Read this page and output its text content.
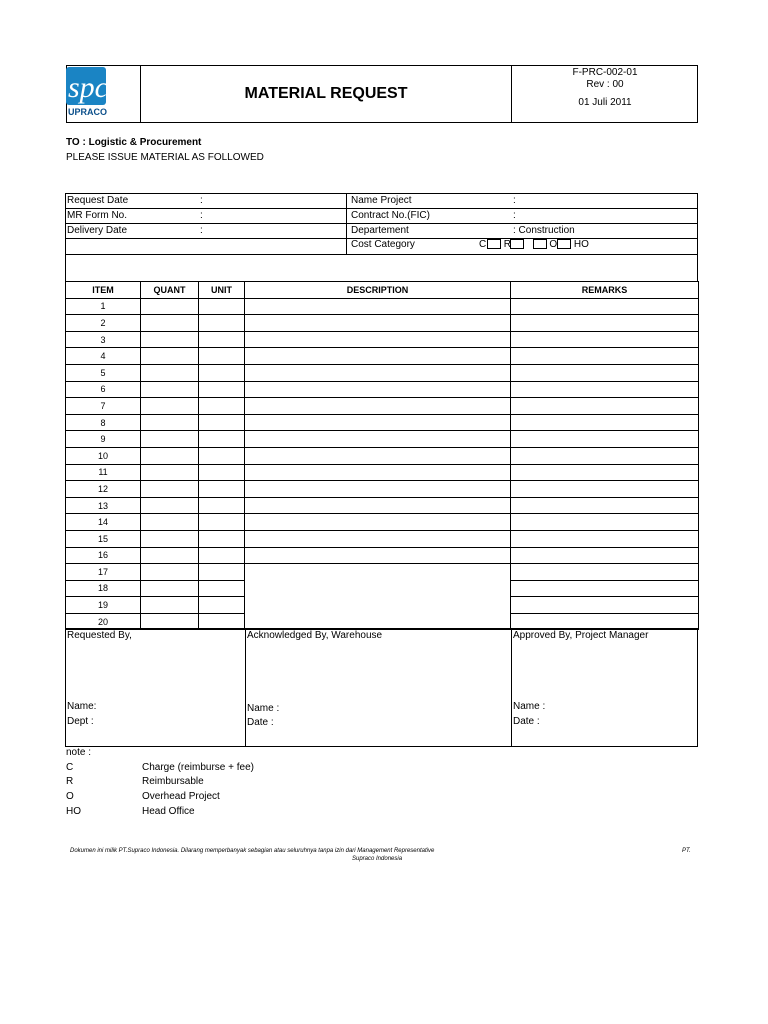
spc
UPRACO
MATERIAL REQUEST
F-PRC-002-01
Rev : 00
01 Juli 2011
TO : Logistic & Procurement
PLEASE ISSUE MATERIAL AS FOLLOWED
Request Date	:
MR Form No.	:
Delivery Date	:
Name Project	:
Contract No.(FIC)	:
Departement	: Construction
Cost Category	C R . O HO
ITEM	QUANT	UNIT	DESCRIPTION	REMARKS
1				
2				
3				
4				
5				
6				
7				
8				
9				
10				
11				
12				
13				
14				
15				
16				
17				
18				
19				
20				
Requested By,
Name:
Dept :
Acknowledged By, Warehouse
Name :
Date :
Approved By, Project Manager
Name :
Date :
note :
C	Charge (reimburse + fee)
R	Reimbursable
O	Overhead Project
HO	Head Office
Dokumen ini milik PT.Supraco Indonesia. Dilarang memperbanyak sebagian atau seluruhnya tanpa izin dari Management Representative	PT.
Supraco Indonesia
